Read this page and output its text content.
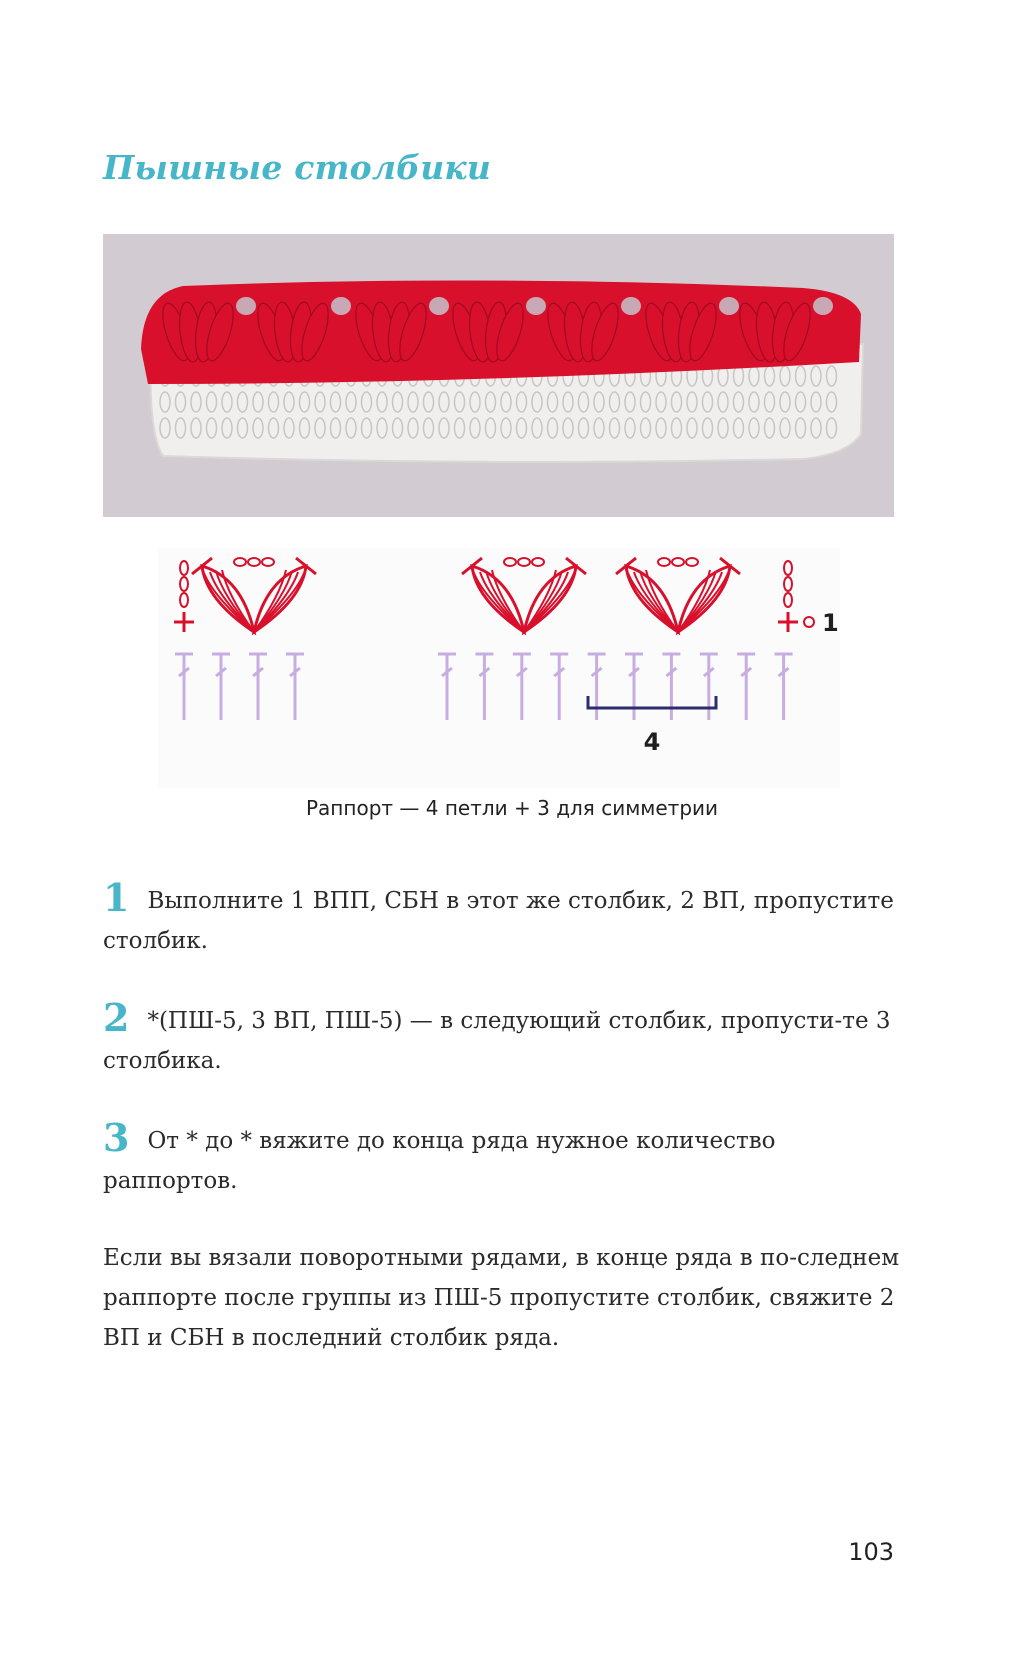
Пышные столбики
1
4
Раппорт — 4 петли + 3 для симметрии
1 Выполните 1 ВПП, СБН в этот же столбик, 2 ВП, пропустите столбик.
2 *(ПШ-5, 3 ВП, ПШ-5) — в следующий столбик, пропусти-те 3 столбика.
3 От * до * вяжите до конца ряда нужное количество раппортов.
Если вы вязали поворотными рядами, в конце ряда в по-следнем раппорте после группы из ПШ-5 пропустите столбик, свяжите 2 ВП и СБН в последний столбик ряда.
103
